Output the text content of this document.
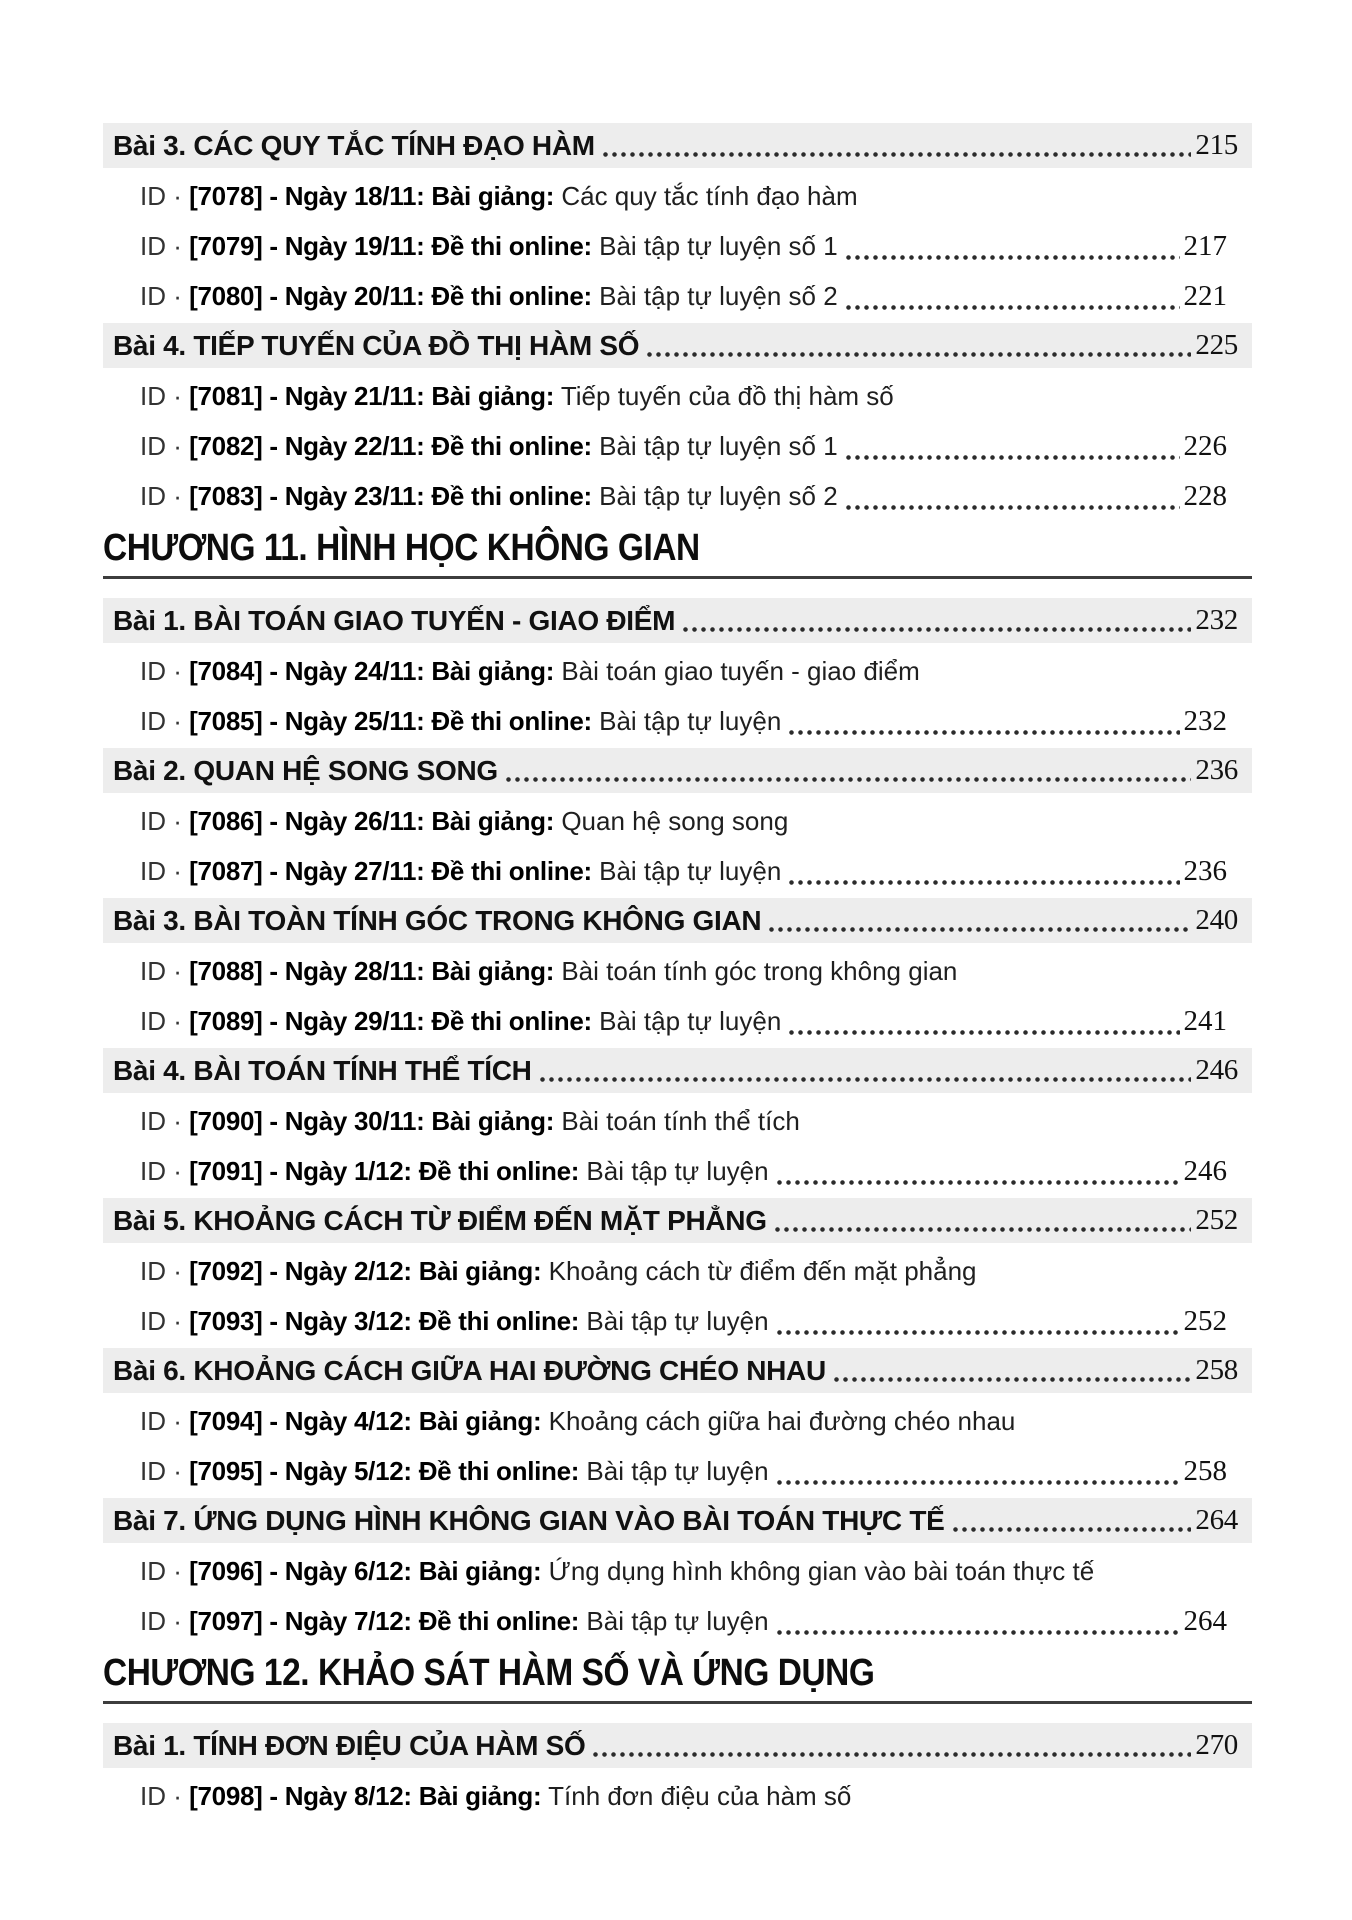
Bài 3. CÁC QUY TẮC TÍNH ĐẠO HÀM	215
ID · [7078] - Ngày 18/11: Bài giảng: Các quy tắc tính đạo hàm
ID · [7079] - Ngày 19/11: Đề thi online: Bài tập tự luyện số 1	217
ID · [7080] - Ngày 20/11: Đề thi online: Bài tập tự luyện số 2	221
Bài 4. TIẾP TUYẾN CỦA ĐỒ THỊ HÀM SỐ	225
ID · [7081] - Ngày 21/11: Bài giảng: Tiếp tuyến của đồ thị hàm số
ID · [7082] - Ngày 22/11: Đề thi online: Bài tập tự luyện số 1	226
ID · [7083] - Ngày 23/11: Đề thi online: Bài tập tự luyện số 2	228
CHƯƠNG 11. HÌNH HỌC KHÔNG GIAN
Bài 1. BÀI TOÁN GIAO TUYẾN - GIAO ĐIỂM	232
ID · [7084] - Ngày 24/11: Bài giảng: Bài toán giao tuyến - giao điểm
ID · [7085] - Ngày 25/11: Đề thi online: Bài tập tự luyện	232
Bài 2. QUAN HỆ SONG SONG	236
ID · [7086] - Ngày 26/11: Bài giảng: Quan hệ song song
ID · [7087] - Ngày 27/11: Đề thi online: Bài tập tự luyện	236
Bài 3. BÀI TOÀN TÍNH GÓC TRONG KHÔNG GIAN	240
ID · [7088] - Ngày 28/11: Bài giảng: Bài toán tính góc trong không gian
ID · [7089] - Ngày 29/11: Đề thi online: Bài tập tự luyện	241
Bài 4. BÀI TOÁN TÍNH THỂ TÍCH	246
ID · [7090] - Ngày 30/11: Bài giảng: Bài toán tính thể tích
ID · [7091] - Ngày 1/12: Đề thi online: Bài tập tự luyện	246
Bài 5. KHOẢNG CÁCH TỪ ĐIỂM ĐẾN MẶT PHẲNG	252
ID · [7092] - Ngày 2/12: Bài giảng: Khoảng cách từ điểm đến mặt phẳng
ID · [7093] - Ngày 3/12: Đề thi online: Bài tập tự luyện	252
Bài 6. KHOẢNG CÁCH GIỮA HAI ĐƯỜNG CHÉO NHAU	258
ID · [7094] - Ngày 4/12: Bài giảng: Khoảng cách giữa hai đường chéo nhau
ID · [7095] - Ngày 5/12: Đề thi online: Bài tập tự luyện	258
Bài 7. ỨNG DỤNG HÌNH KHÔNG GIAN VÀO BÀI TOÁN THỰC TẾ	264
ID · [7096] - Ngày 6/12: Bài giảng: Ứng dụng hình không gian vào bài toán thực tế
ID · [7097] - Ngày 7/12: Đề thi online: Bài tập tự luyện	264
CHƯƠNG 12. KHẢO SÁT HÀM SỐ VÀ ỨNG DỤNG
Bài 1. TÍNH ĐƠN ĐIỆU CỦA HÀM SỐ	270
ID · [7098] - Ngày 8/12: Bài giảng: Tính đơn điệu của hàm số
